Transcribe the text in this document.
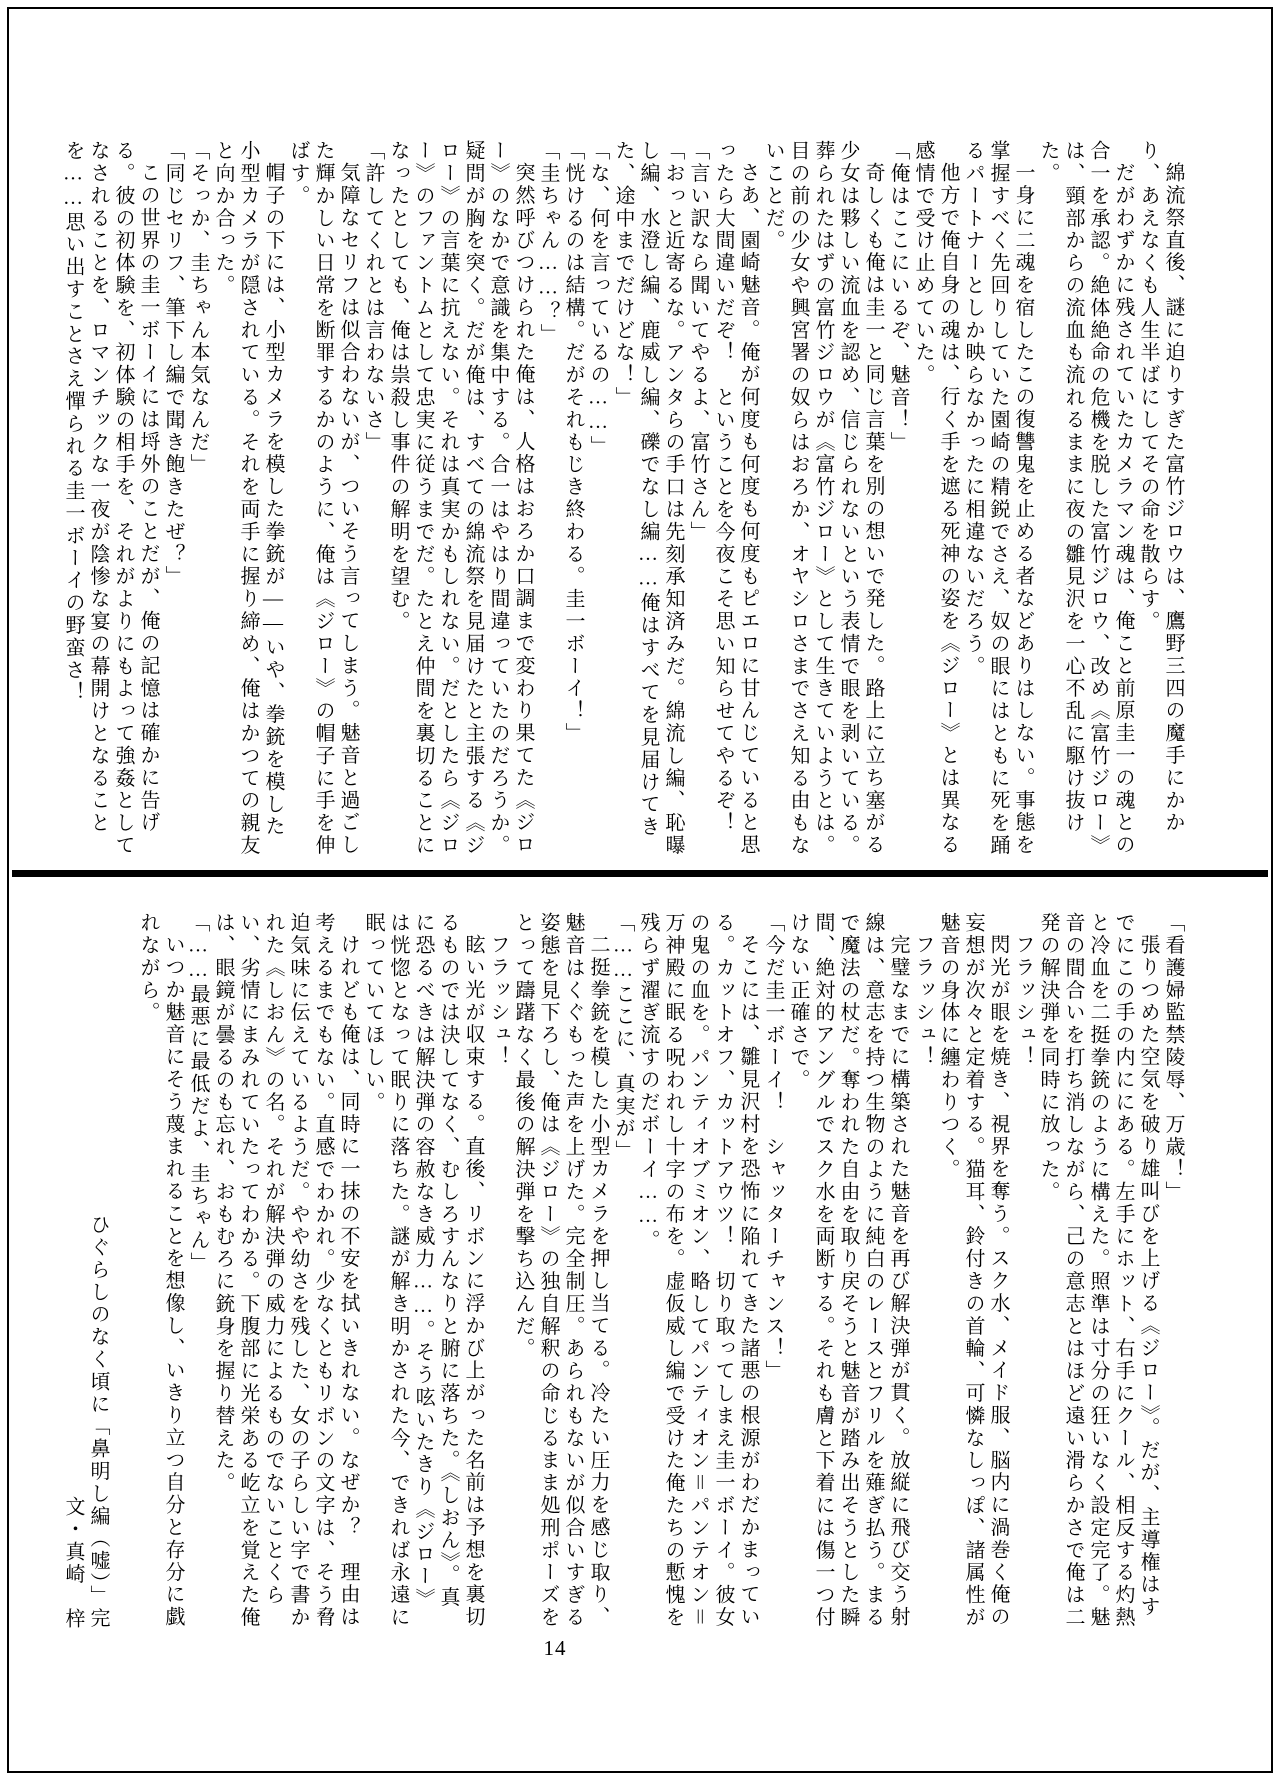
綿流祭直後、謎に迫りすぎた富竹ジロウは、鷹野三四の魔手にかかり、あえなくも人生半ばにしてその命を散らす。

だがわずかに残されていたカメラマン魂は、俺こと前原圭一の魂との合一を承認。絶体絶命の危機を脱した富竹ジロウ、改め《富竹ジロー》は、頸部からの流血も流れるままに夜の雛見沢を一心不乱に駆け抜けた。

一身に二魂を宿したこの復讐鬼を止める者などありはしない。事態を掌握すべく先回りしていた園崎の精鋭でさえ、奴の眼にはともに死を踊るパートナーとしか映らなかったに相違ないだろう。

他方で俺自身の魂は、行く手を遮る死神の姿を《ジロー》とは異なる感情で受け止めていた。

「俺はここにいるぞ、魅音！」

奇しくも俺は圭一と同じ言葉を別の想いで発した。路上に立ち塞がる少女は夥しい流血を認め、信じられないという表情で眼を剥いている。葬られたはずの富竹ジロウが《富竹ジロー》として生きていようとは。目の前の少女や興宮署の奴らはおろか、オヤシロさまでさえ知る由もないことだ。

さあ、園崎魅音。俺が何度も何度も何度もピエロに甘んじていると思ったら大間違いだぞ！　ということを今夜こそ思い知らせてやるぞ！

「言い訳なら聞いてやるよ、富竹さん」

「おっと近寄るな。アンタらの手口は先刻承知済みだ。綿流し編、恥曝し編、水澄し編、鹿威し編、礫でなし編……俺はすべてを見届けてきた、途中までだけどな！」

「な、何を言っているの……」

「恍けるのは結構。だがそれもじき終わる。圭一ボーイ！」

「圭ちゃん……？」

突然呼びつけられた俺は、人格はおろか口調まで変わり果てた《ジロー》のなかで意識を集中する。合一はやはり間違っていたのだろうか。疑問が胸を突く。だが俺は、すべての綿流祭を見届けたと主張する《ジロー》の言葉に抗えない。それは真実かもしれない。だとしたら《ジロー》のファントムとして忠実に従うまでだ。たとえ仲間を裏切ることになったとしても、俺は祟殺し事件の解明を望む。

「許してくれとは言わないさ」

気障なセリフは似合わないが、ついそう言ってしまう。魅音と過ごした輝かしい日常を断罪するかのように、俺は《ジロー》の帽子に手を伸ばす。

帽子の下には、小型カメラを模した拳銃が――いや、拳銃を模した小型カメラが隠されている。それを両手に握り締め、俺はかつての親友と向か合った。

「そっか、圭ちゃん本気なんだ」

「同じセリフ、筆下し編で聞き飽きたぜ？」

この世界の圭一ボーイには埒外のことだが、俺の記憶は確かに告げる。彼の初体験を、初体験の相手を、それがよりにもよって強姦としてなされることを、ロマンチックな一夜が陰惨な宴の幕開けとなることを……思い出すことさえ憚られる圭一ボーイの野蛮さ！

「看護婦監禁陵辱、万歳！」

張りつめた空気を破り雄叫びを上げる《ジロー》。だが、主導権はすでにこの手の内ににある。左手にホット、右手にクール、相反する灼熱と冷血を二挺拳銃のように構えた。照準は寸分の狂いなく設定完了。魅音の間合いを打ち消しながら、己の意志とはほど遠い滑らかさで俺は二発の解決弾を同時に放った。

フラッシュ！

閃光が眼を焼き、視界を奪う。スク水、メイド服、脳内に渦巻く俺の妄想が次々と定着する。猫耳、鈴付きの首輪、可憐なしっぽ、諸属性が魅音の身体に纏わりつく。

フラッシュ！

完璧なまでに構築された魅音を再び解決弾が貫く。放縦に飛び交う射線は、意志を持つ生物のように純白のレースとフリルを薙ぎ払う。まるで魔法の杖だ。奪われた自由を取り戻そうと魅音が踏み出そうとした瞬間、絶対的アングルでスク水を両断する。それも膚と下着には傷一つ付けない正確さで。

「今だ圭一ボーイ！　シャッターチャンス！」

そこには、雛見沢村を恐怖に陥れてきた諸悪の根源がわだかまっている。カットオフ、カットアウツ！　切り取ってしまえ圭一ボーイ。彼女の鬼の血を。パンティオブミオン、略してパンティオン＝パンテオン＝万神殿に眠る呪われし十字の布を。虚仮威し編で受けた俺たちの慙愧を残らず濯ぎ流すのだボーイ……。

「……ここに、真実が」

二挺拳銃を模した小型カメラを押し当てる。冷たい圧力を感じ取り、魅音はくぐもった声を上げた。完全制圧。あられもないが似合いすぎる姿態を見下ろし、俺は《ジロー》の独自解釈の命じるまま処刑ポーズをとって躊躇なく最後の解決弾を撃ち込んだ。

フラッシュ！

眩い光が収束する。直後、リボンに浮かび上がった名前は予想を裏切るものでは決してなく、むしろすんなりと腑に落ちた。《しおん》。真に恐るべきは解決弾の容赦なき威力……。そう呟いたきり《ジロー》は恍惚となって眠りに落ちた。謎が解き明かされた今、できれば永遠に眠っていてほしい。

けれども俺は、同時に一抹の不安を拭いきれない。なぜか？　理由は考えるまでもない。直感でわかれ。少なくともリボンの文字は、そう脅迫気味に伝えているようだ。やや幼さを残した、女の子らしい字で書かれた《しおん》の名。それが解決弾の威力によるものでないことくらい、劣情にまみれていたってわかる。下腹部に光栄ある屹立を覚えた俺は、眼鏡が曇るのも忘れ、おもむろに銃身を握り替えた。

「……最悪に最低だよ、圭ちゃん」

いつか魅音にそう蔑まれることを想像し、いきり立つ自分と存分に戯れながら。

ひぐらしのなく頃に「鼻明し編（嘘）」完

文・真崎　梓

14
